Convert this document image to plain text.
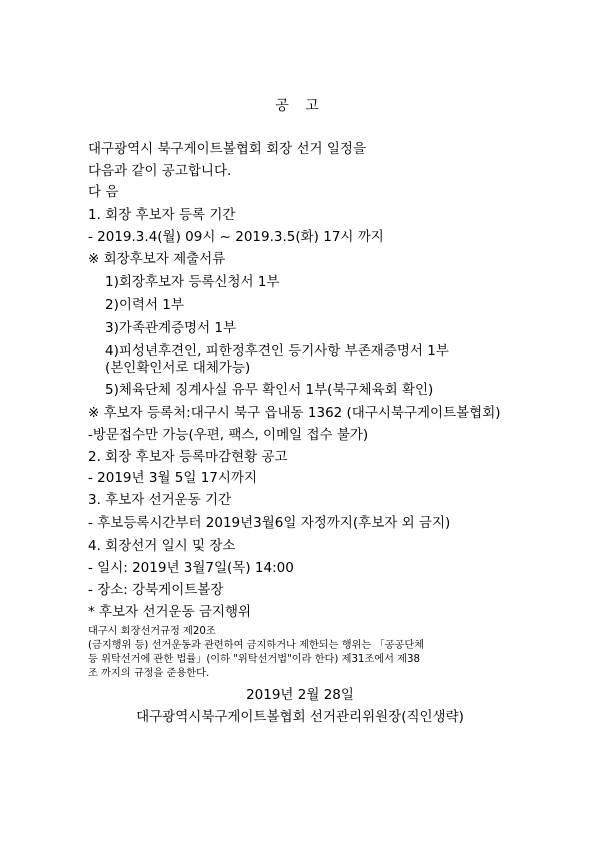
공 고
대구광역시 북구게이트볼협회 회장 선거 일정을
다음과 같이 공고합니다.
다 음
1. 회장 후보자 등록 기간
- 2019.3.4(월) 09시 ~ 2019.3.5(화) 17시 까지
※ 회장후보자 제출서류
1)회장후보자 등록신청서 1부
2)이력서 1부
3)가족관계증명서 1부
4)피성년후견인, 피한정후견인 등기사항 부존재증명서 1부
(본인확인서로 대체가능)
5)체육단체 징계사실 유무 확인서 1부(북구체육회 확인)
※ 후보자 등록처:대구시 북구 읍내동 1362 (대구시북구게이트볼협회)
-방문접수만 가능(우편, 팩스, 이메일 접수 불가)
2. 회장 후보자 등록마감현황 공고
- 2019년 3월 5일 17시까지
3. 후보자 선거운동 기간
- 후보등록시간부터 2019년3월6일 자정까지(후보자 외 금지)
4. 회장선거 일시 및 장소
- 일시: 2019년 3월7일(목) 14:00
- 장소: 강북게이트볼장
* 후보자 선거운동 금지행위
대구시 회장선거규정 제20조
(금지행위 등) 선거운동과 관련하여 금지하거나 제한되는 행위는 「공공단체
등 위탁선거에 관한 법률」(이하 "위탁선거법"이라 한다) 제31조에서 제38
조 까지의 규정을 준용한다.
2019년 2월 28일
대구광역시북구게이트볼협회 선거관리위원장(직인생략)
